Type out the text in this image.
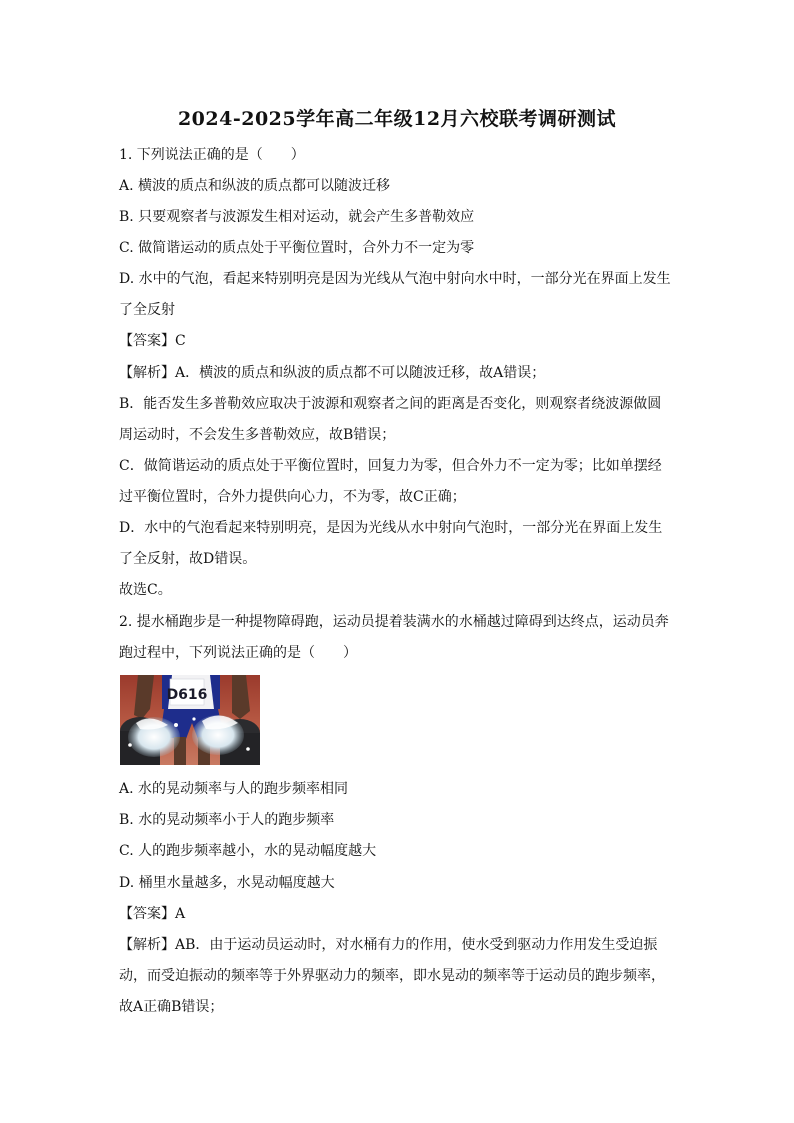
2024-2025学年高二年级12月六校联考调研测试
1. 下列说法正确的是（　　）
A. 横波的质点和纵波的质点都可以随波迁移
B. 只要观察者与波源发生相对运动，就会产生多普勒效应
C. 做简谐运动的质点处于平衡位置时，合外力不一定为零
D. 水中的气泡，看起来特别明亮是因为光线从气泡中射向水中时，一部分光在界面上发生
了全反射
【答案】C
【解析】A．横波的质点和纵波的质点都不可以随波迁移，故A错误；
B．能否发生多普勒效应取决于波源和观察者之间的距离是否变化，则观察者绕波源做圆
周运动时，不会发生多普勒效应，故B错误；
C．做简谐运动的质点处于平衡位置时，回复力为零，但合外力不一定为零；比如单摆经
过平衡位置时，合外力提供向心力，不为零，故C正确；
D．水中的气泡看起来特别明亮，是因为光线从水中射向气泡时，一部分光在界面上发生
了全反射，故D错误。
故选C。
2. 提水桶跑步是一种提物障碍跑，运动员提着装满水的水桶越过障碍到达终点，运动员奔
跑过程中，下列说法正确的是（　　）
D616
A. 水的晃动频率与人的跑步频率相同
B. 水的晃动频率小于人的跑步频率
C. 人的跑步频率越小，水的晃动幅度越大
D. 桶里水量越多，水晃动幅度越大
【答案】A
【解析】AB．由于运动员运动时，对水桶有力的作用，使水受到驱动力作用发生受迫振
动，而受迫振动的频率等于外界驱动力的频率，即水晃动的频率等于运动员的跑步频率，
故A正确B错误；
